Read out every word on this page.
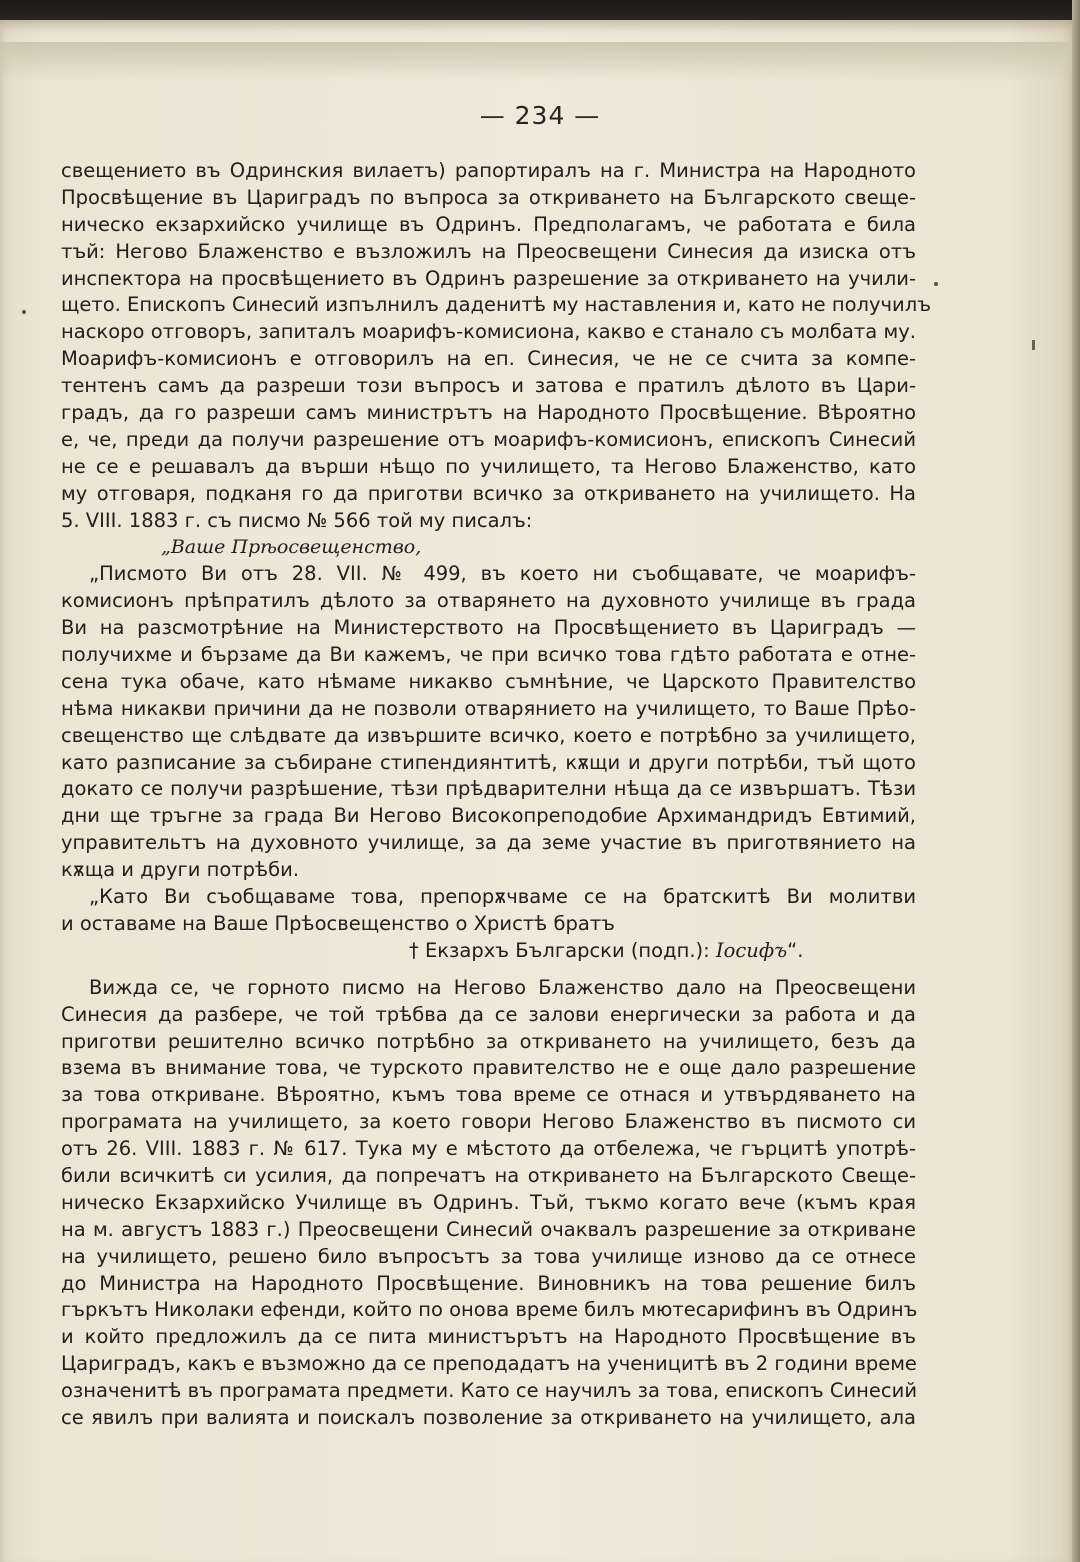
— 234 —
свещението въ Одринския вилаетъ) рапортиралъ на г. Министра на Народното
Просвѣщение въ Цариградъ по въпроса за откриването на Българското свеще-
ническо екзархийско училище въ Одринъ. Предполагамъ, че работата е била
тъй: Негово Блаженство е възложилъ на Преосвещени Синесия да изиска отъ
инспектора на просвѣщението въ Одринъ разрешение за откриването на учили-
щето. Епископъ Синесий изпълнилъ даденитѣ му наставления и, като не получилъ
наскоро отговоръ, запиталъ моарифъ-комисиона, какво е станало съ молбата му.
Моарифъ-комисионъ е отговорилъ на еп. Синесия, че не се счита за компе-
тентенъ самъ да разреши този въпросъ и затова е пратилъ дѣлото въ Цари-
градъ, да го разреши самъ министрътъ на Народното Просвѣщение. Вѣроятно
е, че, преди да получи разрешение отъ моарифъ-комисионъ, епископъ Синесий
не се е решавалъ да върши нѣщо по училището, та Негово Блаженство, като
му отговаря, подканя го да приготви всичко за откриването на училището. На
5. VIII. 1883 г. съ писмо № 566 той му писалъ:
„Ваше Прѣосвещенство,
„Писмото Ви отъ 28. VII. № 499, въ което ни съобщавате, че моарифъ-
комисионъ прѣпратилъ дѣлото за отварянето на духовното училище въ града
Ви на разсмотрѣние на Министерството на Просвѣщението въ Цариградъ —
получихме и бързаме да Ви кажемъ, че при всичко това гдѣто работата е отне-
сена тука обаче, като нѣмаме никакво съмнѣние, че Царското Правителство
нѣма никакви причини да не позволи отварянието на училището, то Ваше Прѣо-
свещенство ще слѣдвате да извършите всичко, което е потрѣбно за училището,
като разписание за събиране стипендиянтитѣ, кѫщи и други потрѣби, тъй щото
докато се получи разрѣшение, тѣзи прѣдварителни нѣща да се извършатъ. Тѣзи
дни ще тръгне за града Ви Негово Високопреподобие Архимандридъ Евтимий,
управительтъ на духовното училище, за да земе участие въ приготвянието на
кѫща и други потрѣби.
„Като Ви съобщаваме това, препорѫчваме се на братскитѣ Ви молитви
и оставаме на Ваше Прѣосвещенство о Христѣ братъ
† Екзархъ Български (подп.): Іосифъ“.
Вижда се, че горното писмо на Негово Блаженство дало на Преосвещени
Синесия да разбере, че той трѣбва да се залови енергически за работа и да
приготви решително всичко потрѣбно за откриването на училището, безъ да
взема въ внимание това, че турското правителство не е още дало разрешение
за това откриване. Вѣроятно, къмъ това време се отнася и утвърдяването на
програмата на училището, за което говори Негово Блаженство въ писмото си
отъ 26. VIII. 1883 г. № 617. Тука му е мѣстото да отбележа, че гърцитѣ употрѣ-
били всичкитѣ си усилия, да попречатъ на откриването на Българското Свеще-
ническо Екзархийско Училище въ Одринъ. Тъй, тъкмо когато вече (къмъ края
на м. августъ 1883 г.) Преосвещени Синесий очаквалъ разрешение за откриване
на училището, решено било въпросътъ за това училище изново да се отнесе
до Министра на Народното Просвѣщение. Виновникъ на това решение билъ
гъркътъ Николаки ефенди, който по онова време билъ мютесарифинъ въ Одринъ
и който предложилъ да се пита министърътъ на Народното Просвѣщение въ
Цариградъ, какъ е възможно да се преподадатъ на ученицитѣ въ 2 години време
означенитѣ въ програмата предмети. Като се научилъ за това, епископъ Синесий
се явилъ при валията и поискалъ позволение за откриването на училището, ала
